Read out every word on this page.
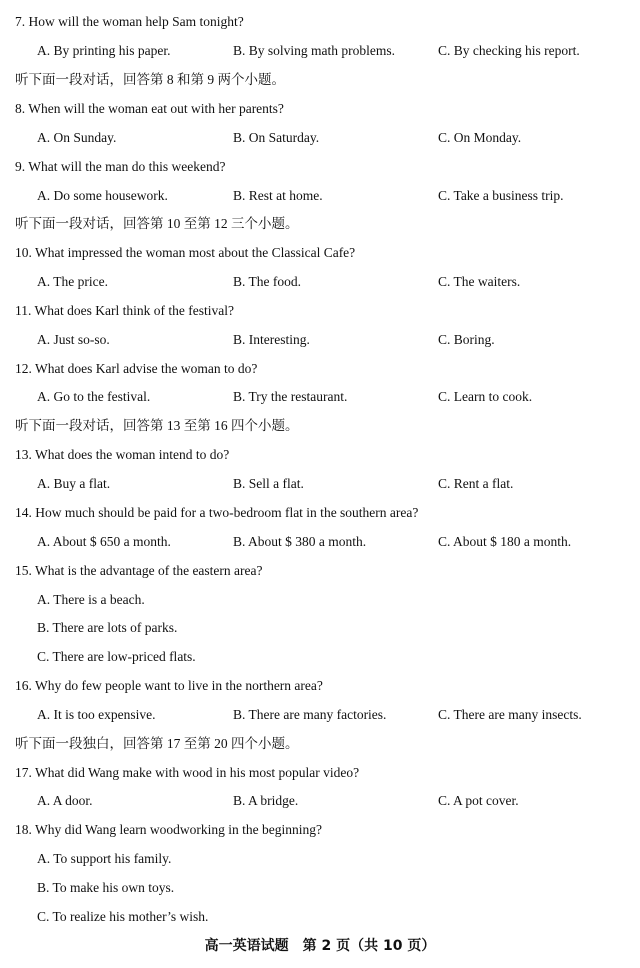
7. How will the woman help Sam tonight?
A. By printing his paper.	B. By solving math problems.	C. By checking his report.
听下面一段对话，回答第 8 和第 9 两个小题。
8. When will the woman eat out with her parents?
A. On Sunday.	B. On Saturday.	C. On Monday.
9. What will the man do this weekend?
A. Do some housework.	B. Rest at home.	C. Take a business trip.
听下面一段对话，回答第 10 至第 12 三个小题。
10. What impressed the woman most about the Classical Cafe?
A. The price.	B. The food.	C. The waiters.
11. What does Karl think of the festival?
A. Just so-so.	B. Interesting.	C. Boring.
12. What does Karl advise the woman to do?
A. Go to the festival.	B. Try the restaurant.	C. Learn to cook.
听下面一段对话，回答第 13 至第 16 四个小题。
13. What does the woman intend to do?
A. Buy a flat.	B. Sell a flat.	C. Rent a flat.
14. How much should be paid for a two-bedroom flat in the southern area?
A. About $ 650 a month.	B. About $ 380 a month.	C. About $ 180 a month.
15. What is the advantage of the eastern area?
A. There is a beach.
B. There are lots of parks.
C. There are low-priced flats.
16. Why do few people want to live in the northern area?
A. It is too expensive.	B. There are many factories.	C. There are many insects.
听下面一段独白，回答第 17 至第 20 四个小题。
17. What did Wang make with wood in his most popular video?
A. A door.	B. A bridge.	C. A pot cover.
18. Why did Wang learn woodworking in the beginning?
A. To support his family.
B. To make his own toys.
C. To realize his mother’s wish.
高一英语试题　第 2 页（共 10 页）
